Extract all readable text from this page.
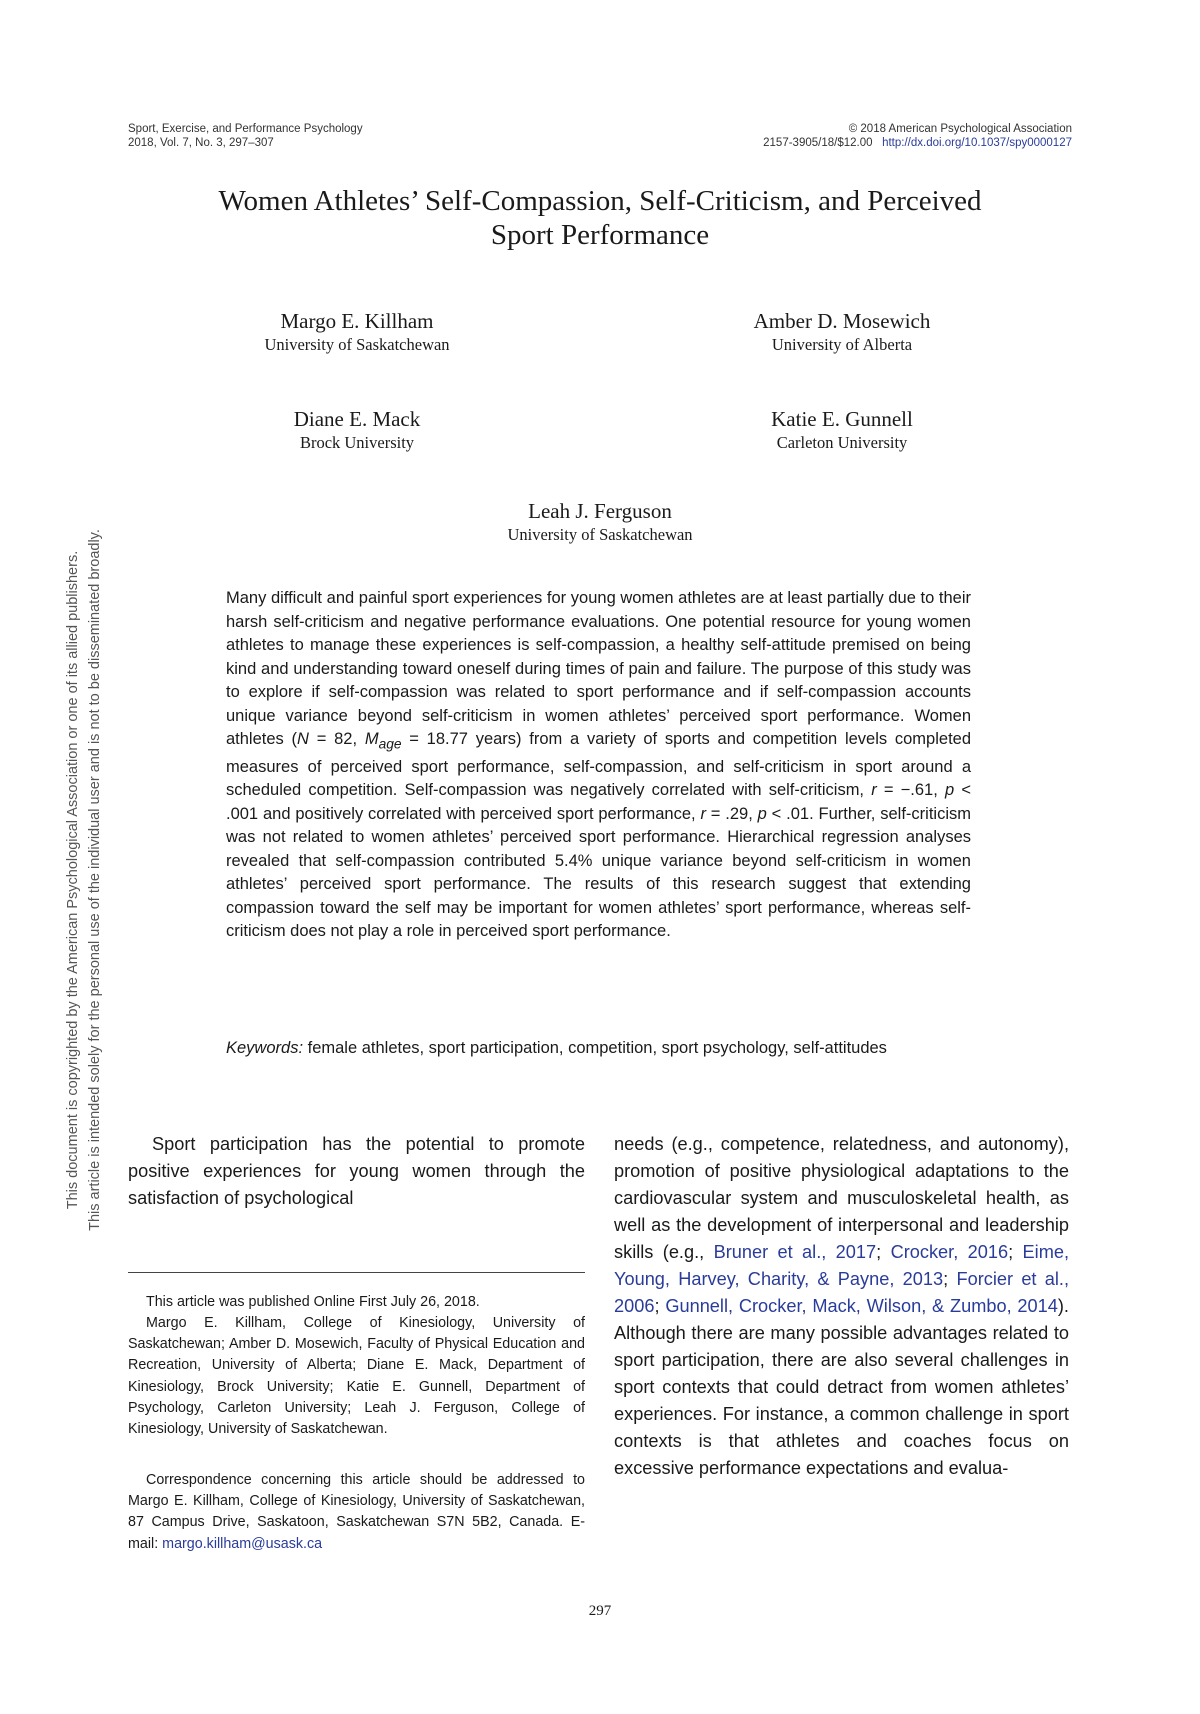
This document is copyrighted by the American Psychological Association or one of its allied publishers. This article is intended solely for the personal use of the individual user and is not to be disseminated broadly.
Sport, Exercise, and Performance Psychology
2018, Vol. 7, No. 3, 297–307
© 2018 American Psychological Association
2157-3905/18/$12.00 http://dx.doi.org/10.1037/spy0000127
Women Athletes’ Self-Compassion, Self-Criticism, and Perceived
Sport Performance
Margo E. Killham
University of Saskatchewan
Amber D. Mosewich
University of Alberta
Diane E. Mack
Brock University
Katie E. Gunnell
Carleton University
Leah J. Ferguson
University of Saskatchewan

Many difficult and painful sport experiences for young women athletes are at least partially due to their harsh self-criticism and negative performance evaluations. One potential resource for young women athletes to manage these experiences is self-compassion, a healthy self-attitude premised on being kind and understanding toward oneself during times of pain and failure. The purpose of this study was to explore if self-compassion was related to sport performance and if self-compassion accounts unique variance beyond self-criticism in women athletes’ perceived sport performance. Women athletes (N = 82, $M_{age} = 18.77$ years) from a variety of sports and competition levels completed measures of perceived sport performance, self-compassion, and self-criticism in sport around a scheduled competition. Self-compassion was negatively correlated with self-criticism, r = −.61, p < .001 and positively correlated with perceived sport performance, r = .29, p < .01. Further, self-criticism was not related to women athletes’ perceived sport performance. Hierarchical regression analyses revealed that self-compassion contributed 5.4% unique variance beyond self-criticism in women athletes’ perceived sport performance. The results of this research suggest that extending compassion toward the self may be important for women athletes’ sport performance, whereas self-criticism does not play a role in perceived sport performance.

Keywords: female athletes, sport participation, competition, sport psychology, self-attitudes

Sport participation has the potential to promote positive experiences for young women through the satisfaction of psychological

needs (e.g., competence, relatedness, and autonomy), promotion of positive physiological adaptations to the cardiovascular system and musculoskeletal health, as well as the development of interpersonal and leadership skills (e.g., Bruner et al., 2017; Crocker, 2016; Eime, Young, Harvey, Charity, & Payne, 2013; Forcier et al., 2006; Gunnell, Crocker, Mack, Wilson, & Zumbo, 2014). Although there are many possible advantages related to sport participation, there are also several challenges in sport contexts that could detract from women athletes’ experiences. For instance, a common challenge in sport contexts is that athletes and coaches focus on excessive performance expectations and evalua-

This article was published Online First July 26, 2018.

Margo E. Killham, College of Kinesiology, University of Saskatchewan; Amber D. Mosewich, Faculty of Physical Education and Recreation, University of Alberta; Diane E. Mack, Department of Kinesiology, Brock University; Katie E. Gunnell, Department of Psychology, Carleton University; Leah J. Ferguson, College of Kinesiology, University of Saskatchewan.

Correspondence concerning this article should be addressed to Margo E. Killham, College of Kinesiology, University of Saskatchewan, 87 Campus Drive, Saskatoon, Saskatchewan S7N 5B2, Canada. E-mail: margo.killham@usask.ca

297
